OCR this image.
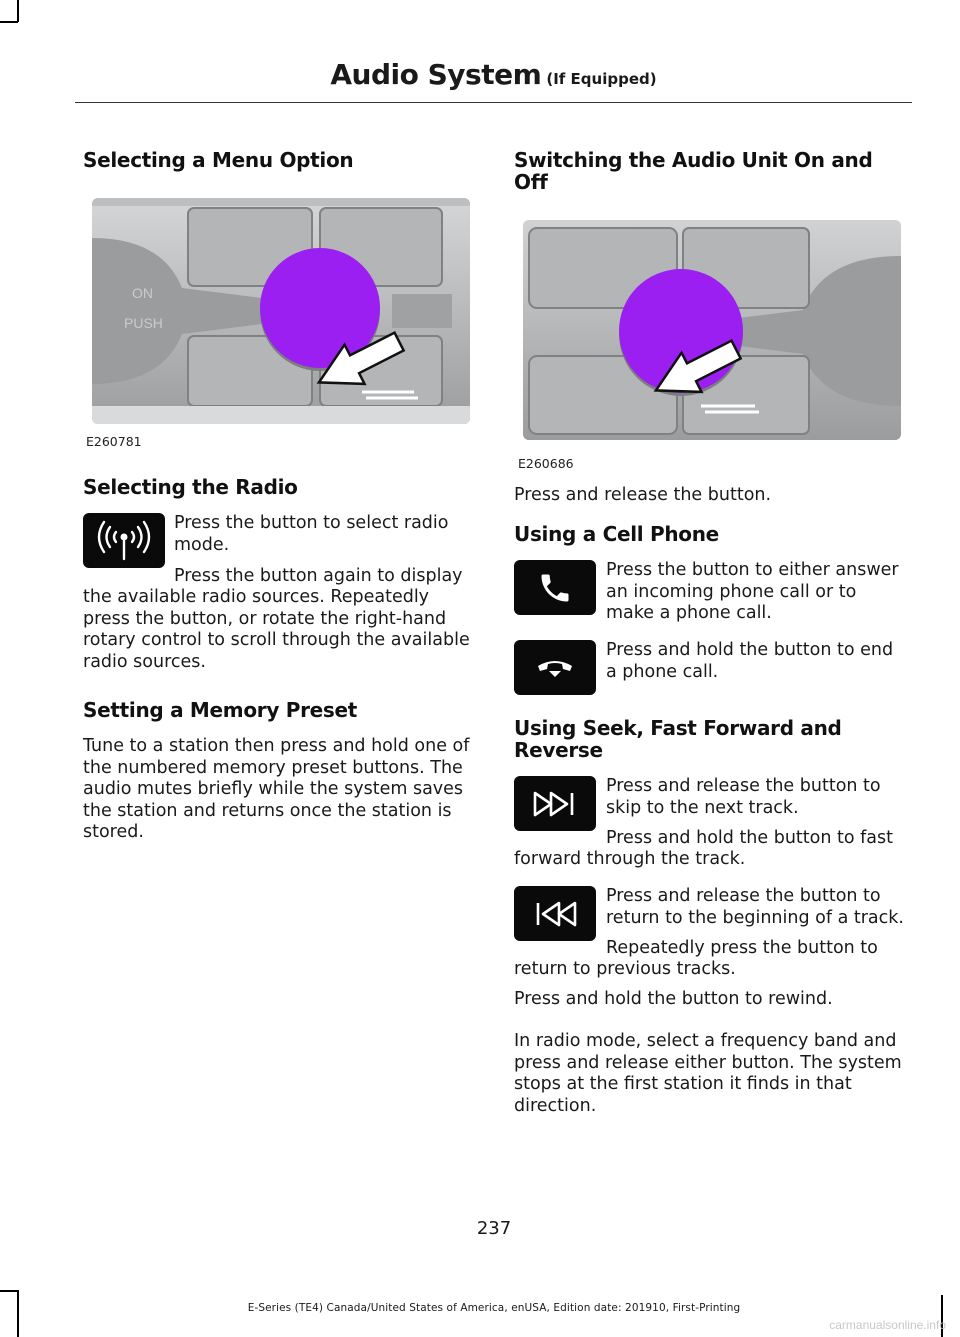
Audio System (If Equipped)
Selecting a Menu Option
ON
PUSH
E260781
Selecting the Radio
Press the button to select radio mode.
Press the button again to display

the available radio sources. Repeatedly press the button, or rotate the right-hand rotary control to scroll through the available radio sources.

Setting a Memory Preset

Tune to a station then press and hold one of the numbered memory preset buttons. The audio mutes briefly while the system saves the station and returns once the station is stored.

Switching the Audio Unit On and Off
E260686

Press and release the button.

Using a Cell Phone
Press the button to either answer an incoming phone call or to make a phone call.
Press and hold the button to end a phone call.
Using Seek, Fast Forward and Reverse
Press and release the button to skip to the next track.
Press and hold the button to fast

forward through the track.

Press and release the button to return to the beginning of a track.
Repeatedly press the button to

return to previous tracks.

Press and hold the button to rewind.

In radio mode, select a frequency band and press and release either button. The system stops at the first station it finds in that direction.

237
E-Series (TE4) Canada/United States of America, enUSA, Edition date: 201910, First-Printing
carmanualsonline.info
